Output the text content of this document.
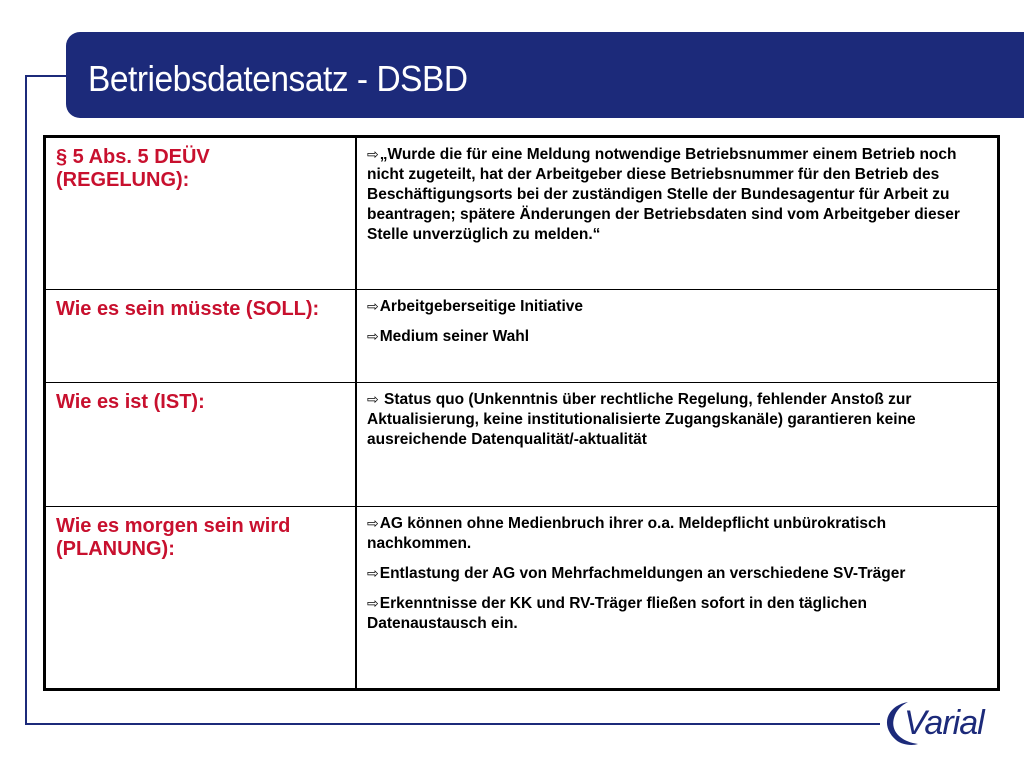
Betriebsdatensatz - DSBD
§ 5 Abs. 5 DEÜV (REGELUNG):	⇨„Wurde die für eine Meldung notwendige Betriebsnummer einem Betrieb noch nicht zugeteilt, hat der Arbeitgeber diese Betriebsnummer für den Betrieb des Beschäftigungsorts bei der zuständigen Stelle der Bundesagentur für Arbeit zu beantragen; spätere Änderungen der Betriebsdaten sind vom Arbeitgeber dieser Stelle unverzüglich zu melden.“

Wie es sein müsste (SOLL):	⇨Arbeitgeberseitige Initiative

⇨Medium seiner Wahl

Wie es ist (IST):	⇨ Status quo (Unkenntnis über rechtliche Regelung, fehlender Anstoß zur Aktualisierung, keine institutionalisierte Zugangskanäle) garantieren keine ausreichende Datenqualität/-aktualität

Wie es morgen sein wird (PLANUNG):	⇨AG können ohne Medienbruch ihrer o.a. Meldepflicht unbürokratisch nachkommen.

⇨Entlastung der AG von Mehrfachmeldungen an verschiedene SV-Träger

⇨Erkenntnisse der KK und RV-Träger fließen sofort in den täglichen Datenaustausch ein.

Varial
